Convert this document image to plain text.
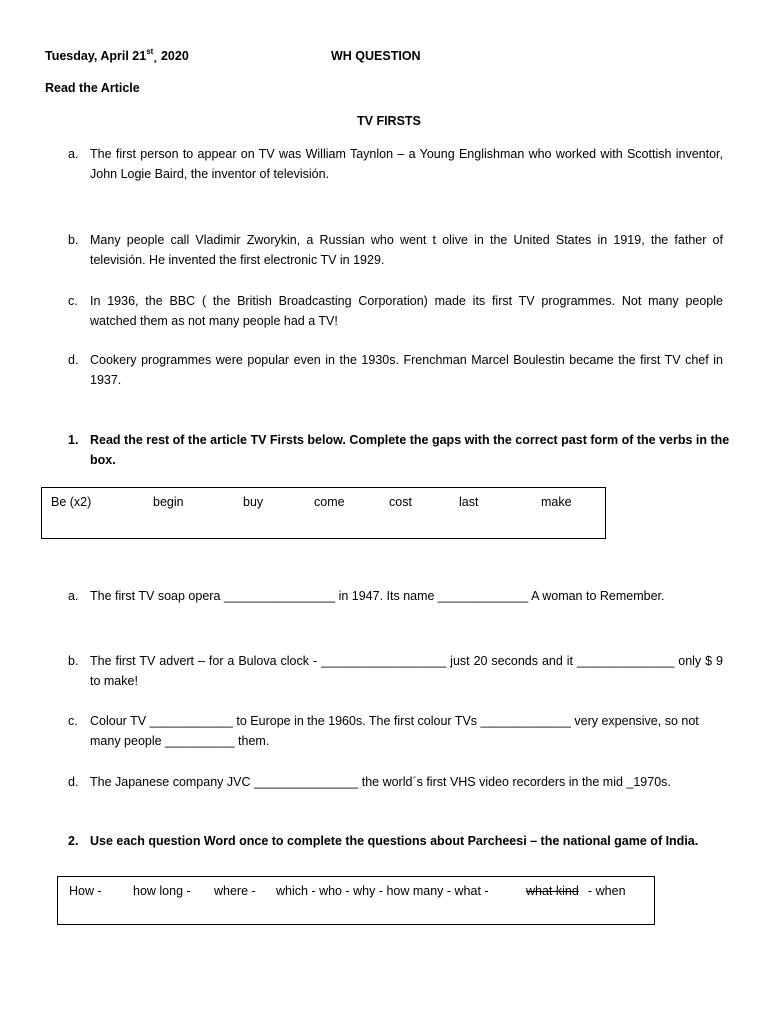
Tuesday, April 21st¸ 2020	WH QUESTION
Read the Article
TV FIRSTS
a. The first person to appear on TV was William Taynlon – a Young Englishman who worked with Scottish inventor,
John Logie Baird, the inventor of televisión.
b. Many people call Vladimir Zworykin, a Russian who went t olive in the United States in 1919, the father of
televisión. He invented the first electronic TV in 1929.
c. In 1936, the BBC ( the British Broadcasting Corporation) made its first TV programmes. Not many people
watched them as not many people had a TV!
d. Cookery programmes were popular even in the 1930s. Frenchman Marcel Boulestin became the first TV chef in
1937.
1. Read the rest of the article TV Firsts below. Complete the gaps with the correct past form of the verbs in the
box.
Be (x2)	begin	buy	come	cost	last	make
a. The first TV soap opera ________________ in 1947. Its name _____________ A woman to Remember.
b. The first TV advert – for a Bulova clock - __________________ just 20 seconds and it ______________ only $ 9
to make!
c. Colour TV ____________ to Europe in the 1960s. The first colour TVs _____________ very expensive, so not
many people __________ them.
d. The Japanese company JVC _______________ the world´s first VHS video recorders in the mid _1970s.
2. Use each question Word once to complete the questions about Parcheesi – the national game of India.
How -	how long - where - which - who - why - how many - what -	what kind - when
